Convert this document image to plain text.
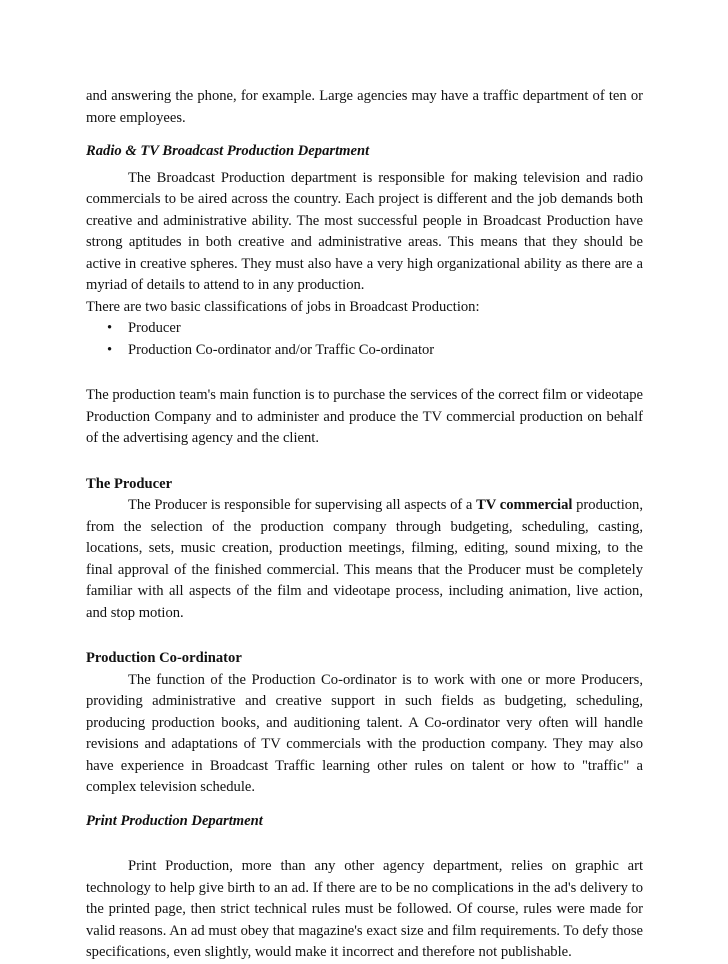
and answering the phone, for example. Large agencies may have a traffic department of ten or more employees.

Radio & TV Broadcast Production Department

The Broadcast Production department is responsible for making television and radio commercials to be aired across the country. Each project is different and the job demands both creative and administrative ability. The most successful people in Broadcast Production have strong aptitudes in both creative and administrative areas. This means that they should be active in creative spheres. They must also have a very high organizational ability as there are a myriad of details to attend to in any production.

There are two basic classifications of jobs in Broadcast Production:

• Producer
• Production Co-ordinator and/or Traffic Co-ordinator

The production team's main function is to purchase the services of the correct film or videotape Production Company and to administer and produce the TV commercial production on behalf of the advertising agency and the client.

The Producer

The Producer is responsible for supervising all aspects of a TV commercial production, from the selection of the production company through budgeting, scheduling, casting, locations, sets, music creation, production meetings, filming, editing, sound mixing, to the final approval of the finished commercial. This means that the Producer must be completely familiar with all aspects of the film and videotape process, including animation, live action, and stop motion.

Production Co-ordinator

The function of the Production Co-ordinator is to work with one or more Producers, providing administrative and creative support in such fields as budgeting, scheduling, producing production books, and auditioning talent. A Co-ordinator very often will handle revisions and adaptations of TV commercials with the production company. They may also have experience in Broadcast Traffic learning other rules on talent or how to "traffic" a complex television schedule.

Print Production Department

Print Production, more than any other agency department, relies on graphic art technology to help give birth to an ad. If there are to be no complications in the ad's delivery to the printed page, then strict technical rules must be followed. Of course, rules were made for valid reasons. An ad must obey that magazine's exact size and film requirements. To defy those specifications, even slightly, would make it incorrect and therefore not publishable.
